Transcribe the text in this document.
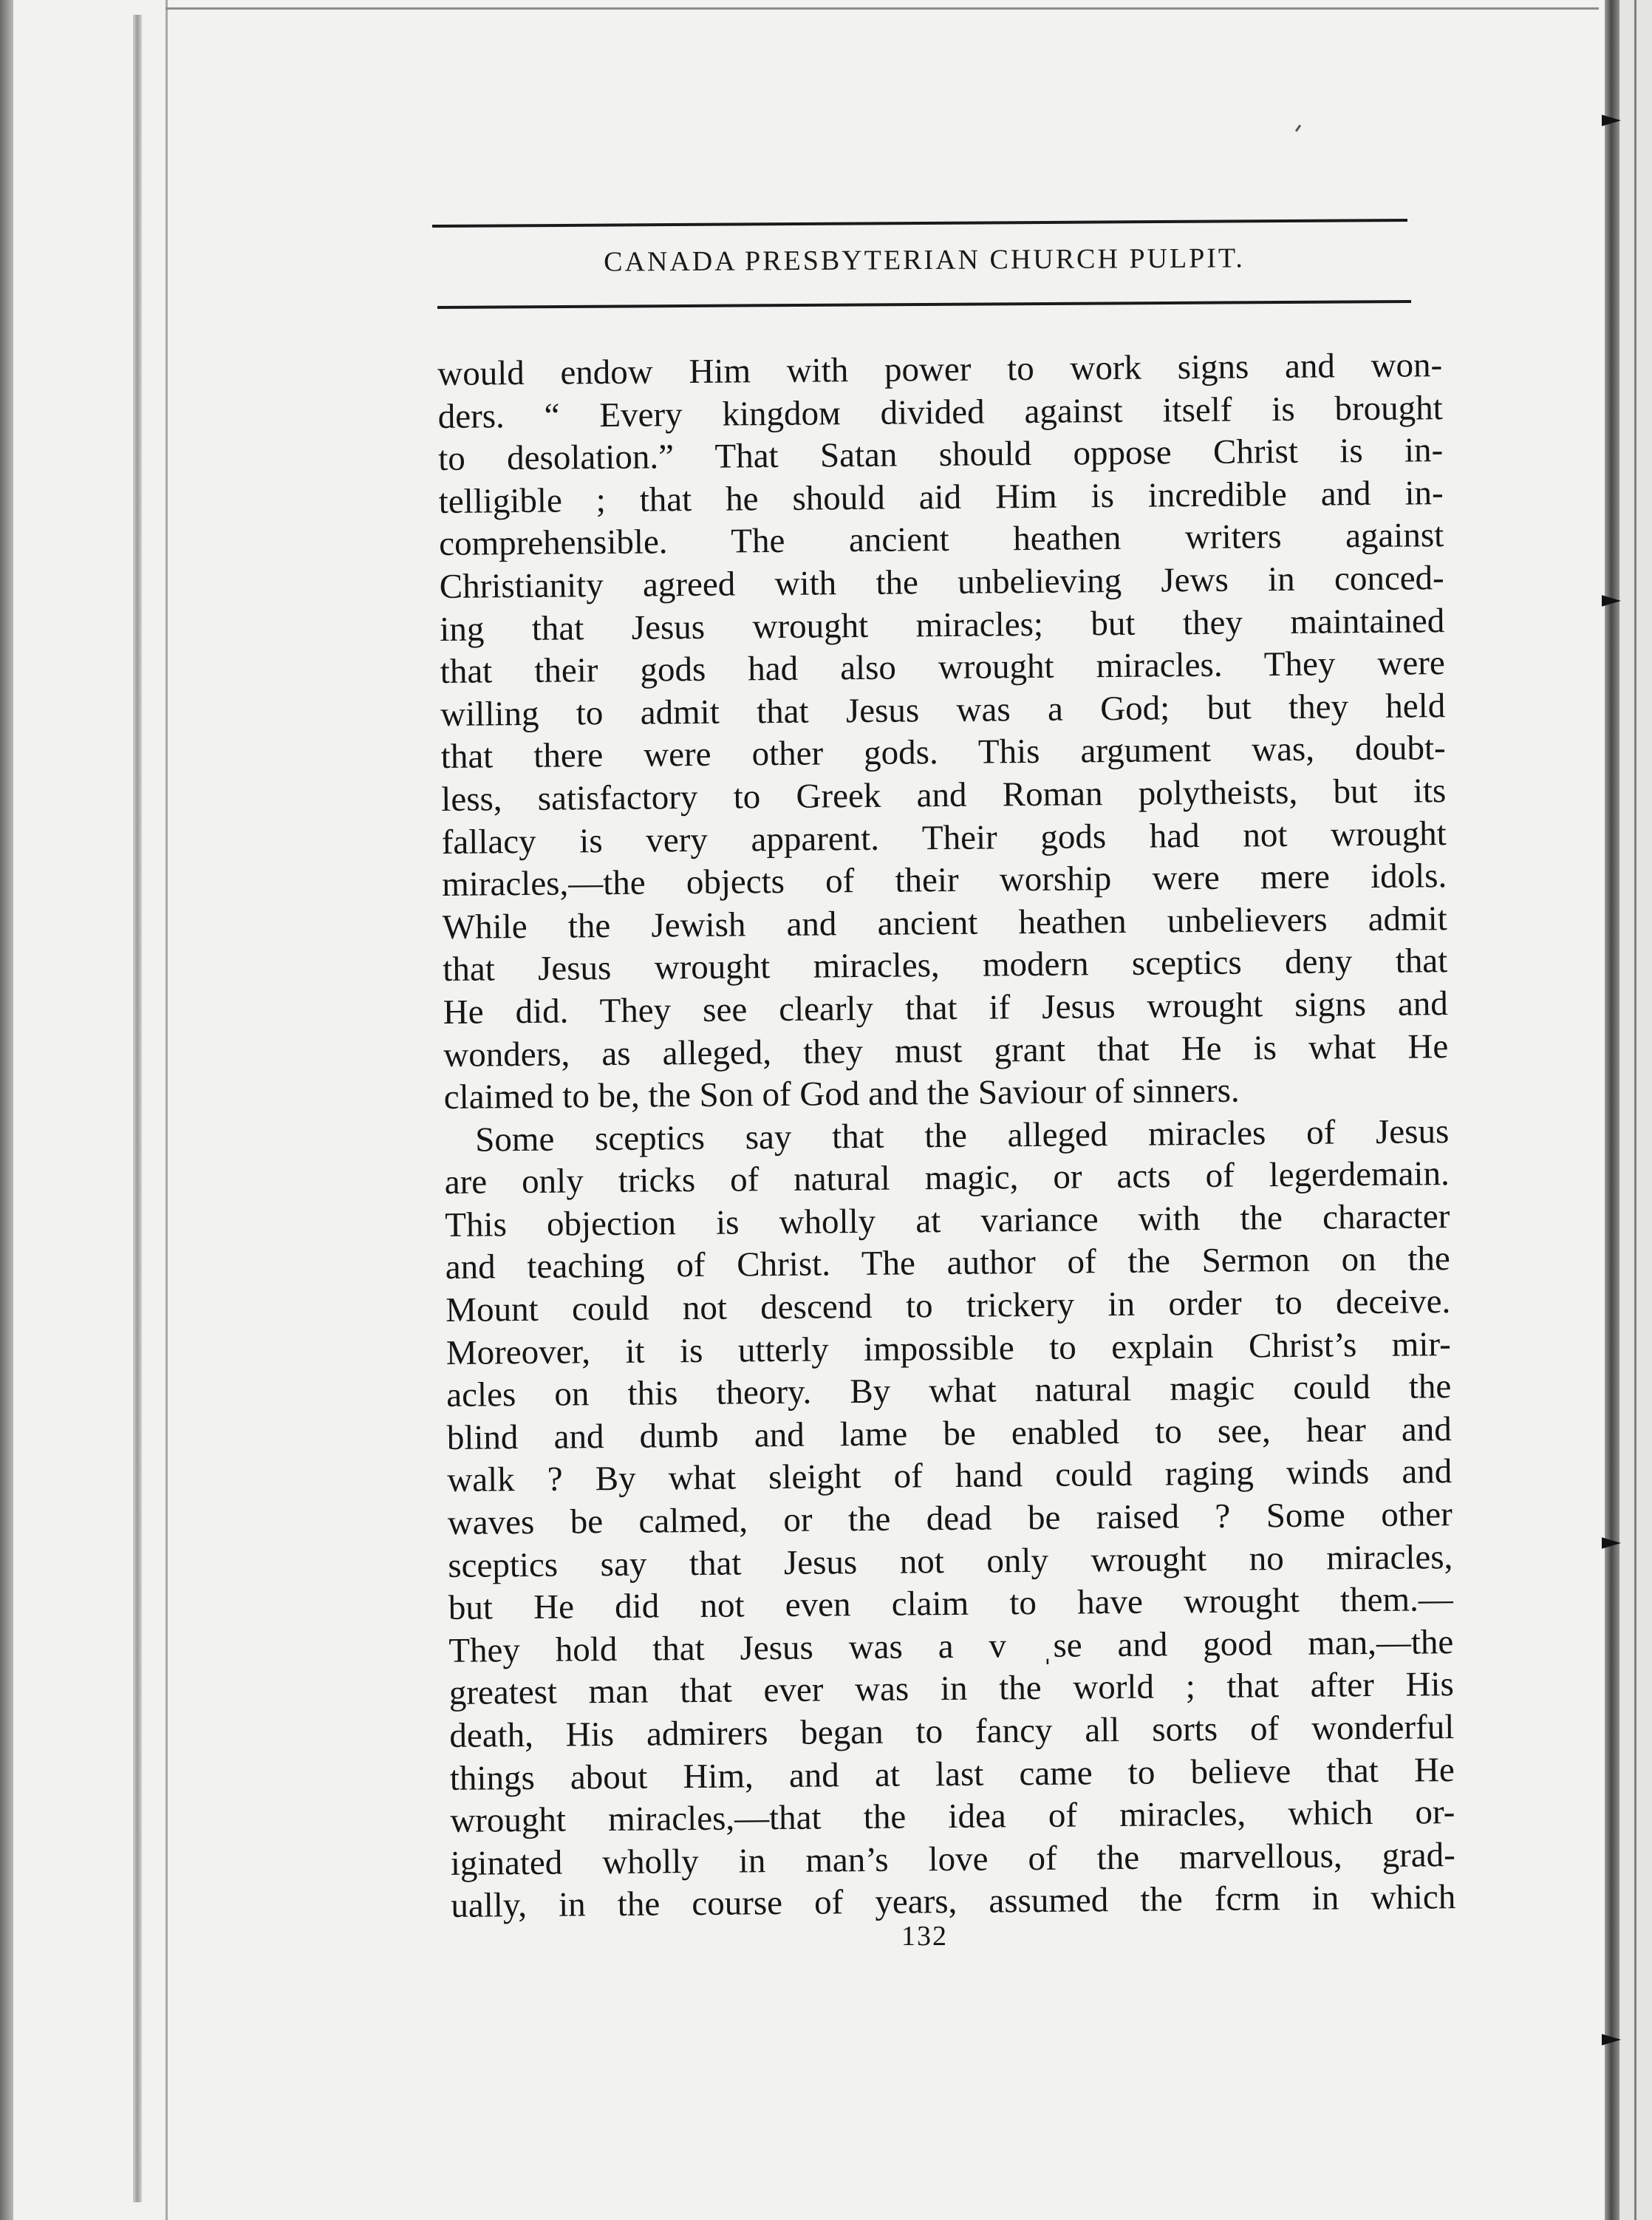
CANADA PRESBYTERIAN CHURCH PULPIT.
would endow Him with poᴡer to work signs and won-
ders. “ Every kingdoᴍ divided against itself is brought
to desolation.” That Satan should oppose Christ is in-
telligible ; that he should aid Him is incredible and in-
comprehensible. The ancient heathen writers against
Christianity agreed with the unbelieving Jews in conced-
ing that Jesus wrought miracles; but they maintained
that their gods had also wrought miracles. They were
willing to admit that Jesus was a God; but they held
that there were other gods. This argument was, doubt-
less, satisfactory to Greek and Roman polytheists, but its
fallacy is very apparent. Their gods had not wrought
miracles,—the objects of their worship were mere idols.
While the Jewish and ancient heathen unbelievers admit
that Jesus wrought miracles, modern sceptics deny that
He did. They see clearly that if Jesus wrought signs and
wonders, as alleged, they must grant that He is what He
claimed to be, the Son of God and the Saviour of sinners.
Some sceptics say that the alleged miracles of Jesus
are only tricks of natural magic, or acts of legerdemain.
This objection is wholly at variance with the character
and teaching of Christ. The author of the Sermon on the
Mount could not descend to trickery in order to deceive.
Moreover, it is utterly impossible to explain Christ’s mir-
acles on this theory. By what natural magic could the
blind and dumb and lame be enabled to see, hear and
walk ? By what sleight of hand could raging winds and
waves be calmed, or the dead be raised ? Some other
sceptics say that Jesus not only wrought no miracles,
but He did not even claim to have wrought them.—
They hold that Jesus was a v ˌse and good man,—the
greatest man that ever was in the world ; that after His
death, His admirers began to fancy all sorts of wonderful
things about Him, and at last came to believe that He
wrought miracles,––that the idea of miracles, which or-
iginated wholly in man’s love of the marvellous, grad-
ually, in the course of years, assumed the fcrm in which
132
